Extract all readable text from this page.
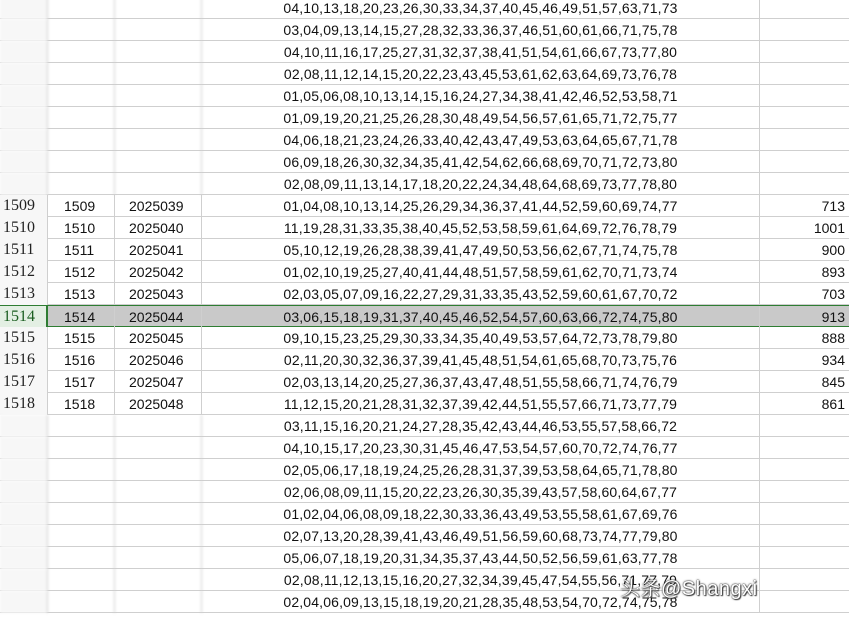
04,10,13,18,20,23,26,30,33,34,37,40,45,46,49,51,57,63,71,73
03,04,09,13,14,15,27,28,32,33,36,37,46,51,60,61,66,71,75,78
04,10,11,16,17,25,27,31,32,37,38,41,51,54,61,66,67,73,77,80
02,08,11,12,14,15,20,22,23,43,45,53,61,62,63,64,69,73,76,78
01,05,06,08,10,13,14,15,16,24,27,34,38,41,42,46,52,53,58,71
01,09,19,20,21,25,26,28,30,48,49,54,56,57,61,65,71,72,75,77
04,06,18,21,23,24,26,33,40,42,43,47,49,53,63,64,65,67,71,78
06,09,18,26,30,32,34,35,41,42,54,62,66,68,69,70,71,72,73,80
02,08,09,11,13,14,17,18,20,22,24,34,48,64,68,69,73,77,78,80
1509	1509	2025039	01,04,08,10,13,14,25,26,29,34,36,37,41,44,52,59,60,69,74,77	713
1510	1510	2025040	11,19,28,31,33,35,38,40,45,52,53,58,59,61,64,69,72,76,78,79	1001
1511	1511	2025041	05,10,12,19,26,28,38,39,41,47,49,50,53,56,62,67,71,74,75,78	900
1512	1512	2025042	01,02,10,19,25,27,40,41,44,48,51,57,58,59,61,62,70,71,73,74	893
1513	1513	2025043	02,03,05,07,09,16,22,27,29,31,33,35,43,52,59,60,61,67,70,72	703
1514	1514	2025044	03,06,15,18,19,31,37,40,45,46,52,54,57,60,63,66,72,74,75,80	913
1515	1515	2025045	09,10,15,23,25,29,30,33,34,35,40,49,53,57,64,72,73,78,79,80	888
1516	1516	2025046	02,11,20,30,32,36,37,39,41,45,48,51,54,61,65,68,70,73,75,76	934
1517	1517	2025047	02,03,13,14,20,25,27,36,37,43,47,48,51,55,58,66,71,74,76,79	845
1518	1518	2025048	11,12,15,20,21,28,31,32,37,39,42,44,51,55,57,66,71,73,77,79	861
03,11,15,16,20,21,24,27,28,35,42,43,44,46,53,55,57,58,66,72
04,10,15,17,20,23,30,31,45,46,47,53,54,57,60,70,72,74,76,77
02,05,06,17,18,19,24,25,26,28,31,37,39,53,58,64,65,71,78,80
02,06,08,09,11,15,20,22,23,26,30,35,39,43,57,58,60,64,67,77
01,02,04,06,08,09,18,22,30,33,36,43,49,53,55,58,61,67,69,76
02,07,13,20,28,39,41,43,46,49,51,56,59,60,68,73,74,77,79,80
05,06,07,18,19,20,31,34,35,37,43,44,50,52,56,59,61,63,77,78
02,08,11,12,13,15,16,20,27,32,34,39,45,47,54,55,56,71,77,79
02,04,06,09,13,15,18,19,20,21,28,35,48,53,54,70,72,74,75,78
头条@Shangxi
